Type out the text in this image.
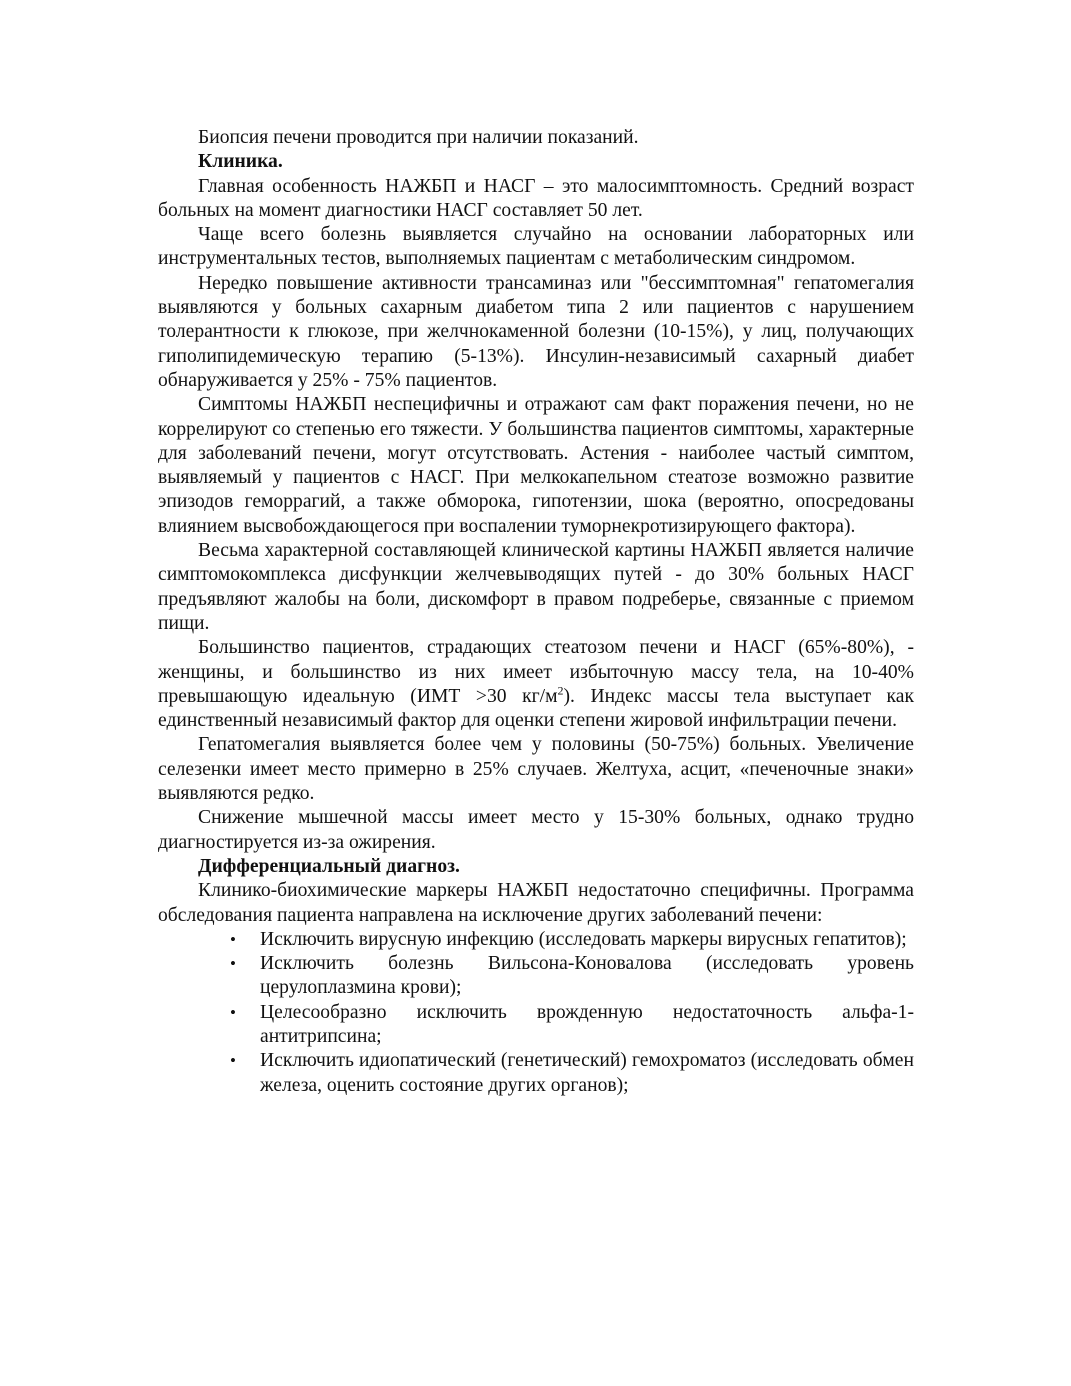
Биопсия печени проводится при наличии показаний.

Клиника.

Главная особенность НАЖБП и НАСГ – это малосимптомность. Средний возраст больных на момент диагностики НАСГ составляет 50 лет.

Чаще всего болезнь выявляется случайно на основании лабораторных или инструментальных тестов, выполняемых пациентам с метаболическим синдромом.

Нередко повышение активности трансаминаз или "бессимптомная" гепатомегалия выявляются у больных сахарным диабетом типа 2 или пациентов с нарушением толерантности к глюкозе, при желчнокаменной болезни (10-15%), у лиц, получающих гиполипидемическую терапию (5-13%). Инсулин-независимый сахарный диабет обнаруживается у 25% - 75% пациентов.

Симптомы НАЖБП неспецифичны и отражают сам факт поражения печени, но не коррелируют со степенью его тяжести. У большинства пациентов симптомы, характерные для заболеваний печени, могут отсутствовать. Астения - наиболее частый симптом, выявляемый у пациентов с НАСГ. При мелкокапельном стеатозе возможно развитие эпизодов геморрагий, а также обморока, гипотензии, шока (вероятно, опосредованы влиянием высвобождающегося при воспалении туморнекротизирующего фактора).

Весьма характерной составляющей клинической картины НАЖБП является наличие симптомокомплекса дисфункции желчевыводящих путей - до 30% больных НАСГ предъявляют жалобы на боли, дискомфорт в правом подреберье, связанные с приемом пищи.

Большинство пациентов, страдающих стеатозом печени и НАСГ (65%-80%), - женщины, и большинство из них имеет избыточную массу тела, на 10-40% превышающую идеальную (ИМТ >30 $кг/м^2$). Индекс массы тела выступает как единственный независимый фактор для оценки степени жировой инфильтрации печени.

Гепатомегалия выявляется более чем у половины (50-75%) больных. Увеличение селезенки имеет место примерно в 25% случаев. Желтуха, асцит, «печеночные знаки» выявляются редко.

Снижение мышечной массы имеет место у 15-30% больных, однако трудно диагностируется из-за ожирения.

Дифференциальный диагноз.

Клинико-биохимические маркеры НАЖБП недостаточно специфичны. Программа обследования пациента направлена на исключение других заболеваний печени:

• Исключить вирусную инфекцию (исследовать маркеры вирусных гепатитов);
• Исключить болезнь Вильсона-Коновалова (исследовать уровень церулоплазмина крови);
• Целесообразно исключить врожденную недостаточность альфа-1-антитрипсина;
• Исключить идиопатический (генетический) гемохроматоз (исследовать обмен железа, оценить состояние других органов);
